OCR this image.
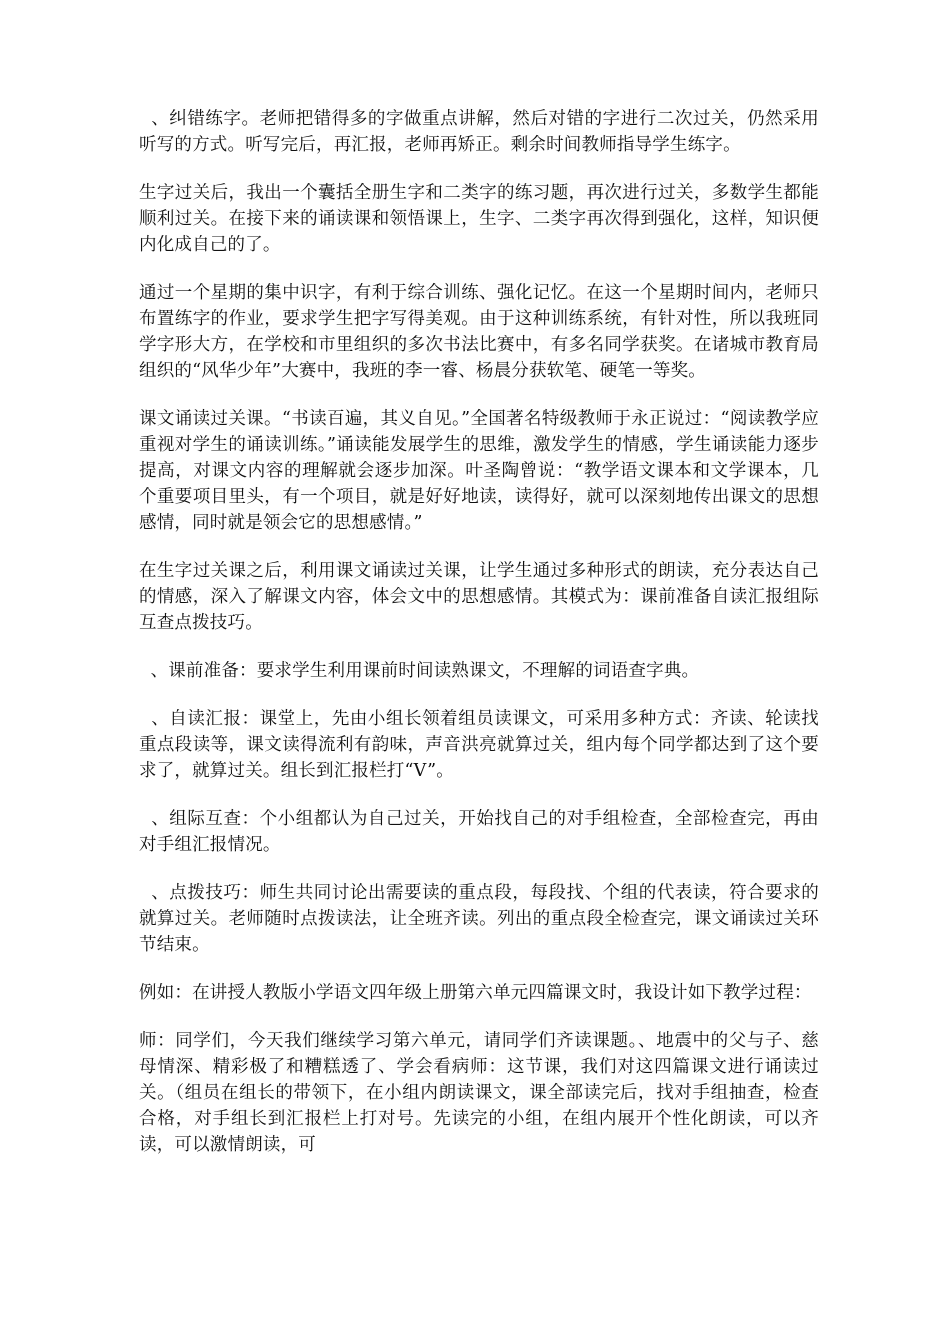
、纠错练字。老师把错得多的字做重点讲解，然后对错的字进行二次过关，仍然采用听写的方式。听写完后，再汇报，老师再矫正。剩余时间教师指导学生练字。

生字过关后，我出一个囊括全册生字和二类字的练习题，再次进行过关，多数学生都能顺利过关。在接下来的诵读课和领悟课上，生字、二类字再次得到强化，这样，知识便内化成自己的了。

通过一个星期的集中识字，有利于综合训练、强化记忆。在这一个星期时间内，老师只布置练字的作业，要求学生把字写得美观。由于这种训练系统，有针对性，所以我班同学字形大方，在学校和市里组织的多次书法比赛中，有多名同学获奖。在诸城市教育局组织的“风华少年”大赛中，我班的李一睿、杨晨分获软笔、硬笔一等奖。

课文诵读过关课。“书读百遍，其义自见。”全国著名特级教师于永正说过：“阅读教学应重视对学生的诵读训练。”诵读能发展学生的思维，激发学生的情感，学生诵读能力逐步提高，对课文内容的理解就会逐步加深。叶圣陶曾说：“教学语文课本和文学课本，几个重要项目里头，有一个项目，就是好好地读，读得好，就可以深刻地传出课文的思想感情，同时就是领会它的思想感情。”

在生字过关课之后，利用课文诵读过关课，让学生通过多种形式的朗读，充分表达自己的情感，深入了解课文内容，体会文中的思想感情。其模式为：课前准备自读汇报组际互查点拨技巧。

、课前准备：要求学生利用课前时间读熟课文，不理解的词语查字典。

、自读汇报：课堂上，先由小组长领着组员读课文，可采用多种方式：齐读、轮读找重点段读等，课文读得流利有韵味，声音洪亮就算过关，组内每个同学都达到了这个要求了，就算过关。组长到汇报栏打“V”。

、组际互查：个小组都认为自己过关，开始找自己的对手组检查，全部检查完，再由对手组汇报情况。

、点拨技巧：师生共同讨论出需要读的重点段，每段找、个组的代表读，符合要求的就算过关。老师随时点拨读法，让全班齐读。列出的重点段全检查完，课文诵读过关环节结束。

例如：在讲授人教版小学语文四年级上册第六单元四篇课文时，我设计如下教学过程：

师：同学们，今天我们继续学习第六单元，请同学们齐读课题。、地震中的父与子、慈母情深、精彩极了和糟糕透了、学会看病师：这节课，我们对这四篇课文进行诵读过关。（组员在组长的带领下，在小组内朗读课文，课全部读完后，找对手组抽查，检查合格，对手组长到汇报栏上打对号。先读完的小组，在组内展开个性化朗读，可以齐读，可以激情朗读，可
